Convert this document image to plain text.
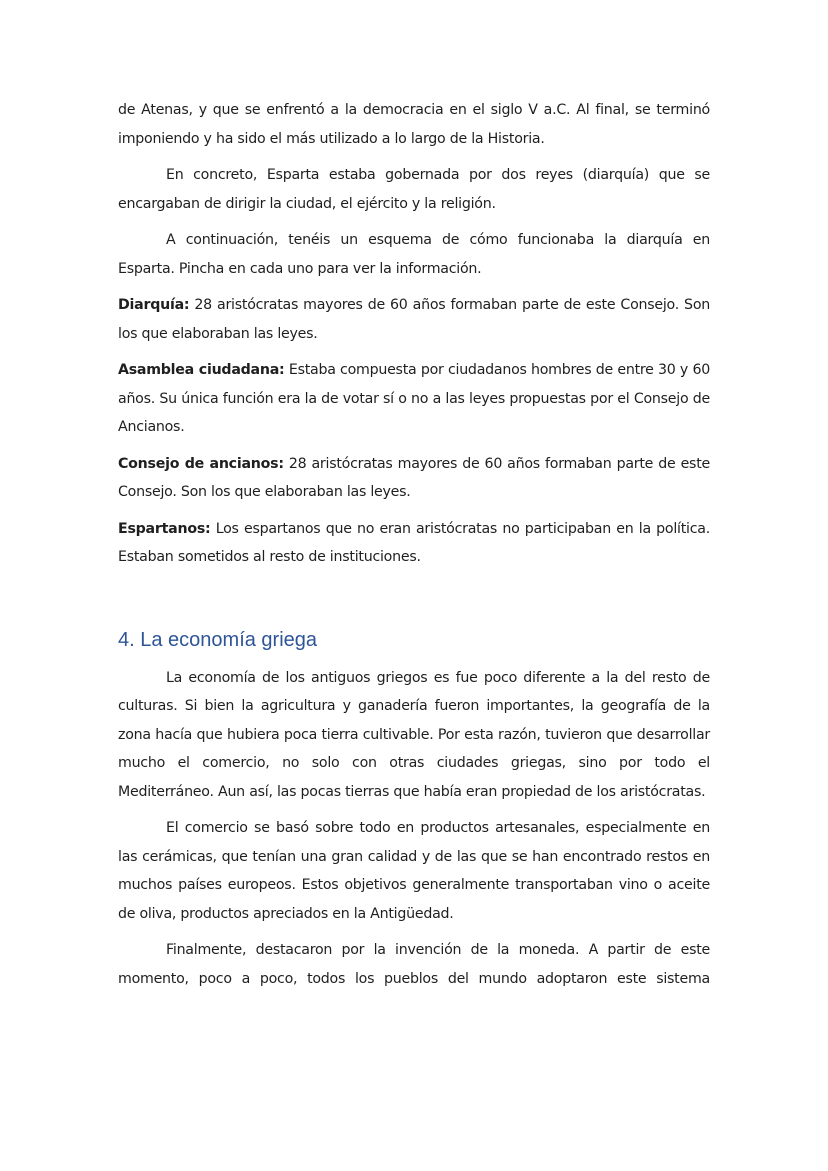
de Atenas, y que se enfrentó a la democracia en el siglo V a.C. Al final, se terminó imponiendo y ha sido el más utilizado a lo largo de la Historia.

En concreto, Esparta estaba gobernada por dos reyes (diarquía) que se encargaban de dirigir la ciudad, el ejército y la religión.

A continuación, tenéis un esquema de cómo funcionaba la diarquía en Esparta. Pincha en cada uno para ver la información.

Diarquía: 28 aristócratas mayores de 60 años formaban parte de este Consejo. Son los que elaboraban las leyes.

Asamblea ciudadana: Estaba compuesta por ciudadanos hombres de entre 30 y 60 años. Su única función era la de votar sí o no a las leyes propuestas por el Consejo de Ancianos.

Consejo de ancianos: 28 aristócratas mayores de 60 años formaban parte de este Consejo. Son los que elaboraban las leyes.

Espartanos: Los espartanos que no eran aristócratas no participaban en la política. Estaban sometidos al resto de instituciones.

4. La economía griega

La economía de los antiguos griegos es fue poco diferente a la del resto de culturas. Si bien la agricultura y ganadería fueron importantes, la geografía de la zona hacía que hubiera poca tierra cultivable. Por esta razón, tuvieron que desarrollar mucho el comercio, no solo con otras ciudades griegas, sino por todo el Mediterráneo. Aun así, las pocas tierras que había eran propiedad de los aristócratas.

El comercio se basó sobre todo en productos artesanales, especialmente en las cerámicas, que tenían una gran calidad y de las que se han encontrado restos en muchos países europeos. Estos objetivos generalmente transportaban vino o aceite de oliva, productos apreciados en la Antigüedad.

Finalmente, destacaron por la invención de la moneda. A partir de este momento, poco a poco, todos los pueblos del mundo adoptaron este sistema
